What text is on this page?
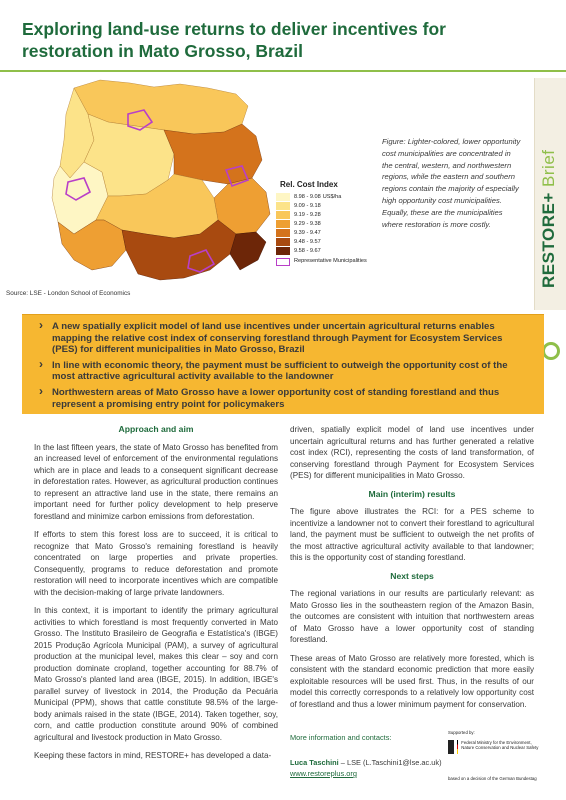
Exploring land-use returns to deliver incentives for restoration in Mato Grosso, Brazil
RESTORE+ Brief
Rel. Cost Index
8.98 - 9.08 US$/ha
9.09 - 9.18
9.19 - 9.28
9.29 - 9.38
9.39 - 9.47
9.48 - 9.57
9.58 - 9.67
Representative Municipalities
Figure: Lighter-colored, lower opportunity cost municipalities are concentrated in the central, western, and northwestern regions, while the eastern and southern regions contain the majority of especially high opportunity cost municipalities. Equally, these are the municipalities where restoration is more costly.
Source: LSE - London School of Economics
› A new spatially explicit model of land use incentives under uncertain agricultural returns enables mapping the relative cost index of conserving forestland through Payment for Ecosystem Services (PES) for different municipalities in Mato Grosso, Brazil
› In line with economic theory, the payment must be sufficient to outweigh the opportunity cost of the most attractive agricultural activity available to the landowner
› Northwestern areas of Mato Grosso have a lower opportunity cost of standing forestland and thus represent a promising entry point for policymakers
Approach and aim

In the last fifteen years, the state of Mato Grosso has benefited from an increased level of enforcement of the environmental regulations which are in place and leads to a consequent significant decrease in deforestation rates. However, as agricultural production continues to represent an attractive land use in the state, there remains an important need for further policy development to help preserve forestland and minimize carbon emissions from deforestation.

If efforts to stem this forest loss are to succeed, it is critical to recognize that Mato Grosso's remaining forestland is heavily concentrated on large properties and private properties. Consequently, programs to reduce deforestation and promote restoration will need to incorporate incentives which are compatible with the decision-making of large private landowners.

In this context, it is important to identify the primary agricultural activities to which forestland is most frequently converted in Mato Grosso. The Instituto Brasileiro de Geografia e Estatística's (IBGE) 2015 Produção Agrícola Municipal (PAM), a survey of agricultural production at the municipal level, makes this clear – soy and corn production dominate cropland, together accounting for 88.7% of Mato Grosso's planted land area (IBGE, 2015). In addition, IBGE's parallel survey of livestock in 2014, the Produção da Pecuária Municipal (PPM), shows that cattle constitute 98.5% of the large-body animals raised in the state (IBGE, 2014). Taken together, soy, corn, and cattle production constitute around 90% of combined agricultural and livestock production in Mato Grosso.

Keeping these factors in mind, RESTORE+ has developed a data-

driven, spatially explicit model of land use incentives under uncertain agricultural returns and has further generated a relative cost index (RCI), representing the costs of land transformation, of conserving forestland through Payment for Ecosystem Services (PES) for different municipalities in Mato Grosso.

Main (interim) results

The figure above illustrates the RCI: for a PES scheme to incentivize a landowner not to convert their forestland to agricultural land, the payment must be sufficient to outweigh the net profits of the most attractive agricultural activity available to that landowner; this is the opportunity cost of standing forestland.

Next steps

The regional variations in our results are particularly relevant: as Mato Grosso lies in the southeastern region of the Amazon Basin, the outcomes are consistent with intuition that northwestern areas of Mato Grosso have a lower opportunity cost of standing forestland.

These areas of Mato Grosso are relatively more forested, which is consistent with the standard economic prediction that more easily exploitable resources will be used first. Thus, in the results of our model this correctly corresponds to a relatively low opportunity cost of forestland and thus a lower minimum payment for conservation.

More information and contacts:
Luca Taschini – LSE (L.Taschini1@lse.ac.uk)
www.restoreplus.org
Supported by:
Federal Ministry for the Environment, Nature Conservation and Nuclear Safety
based on a decision of the German Bundestag
